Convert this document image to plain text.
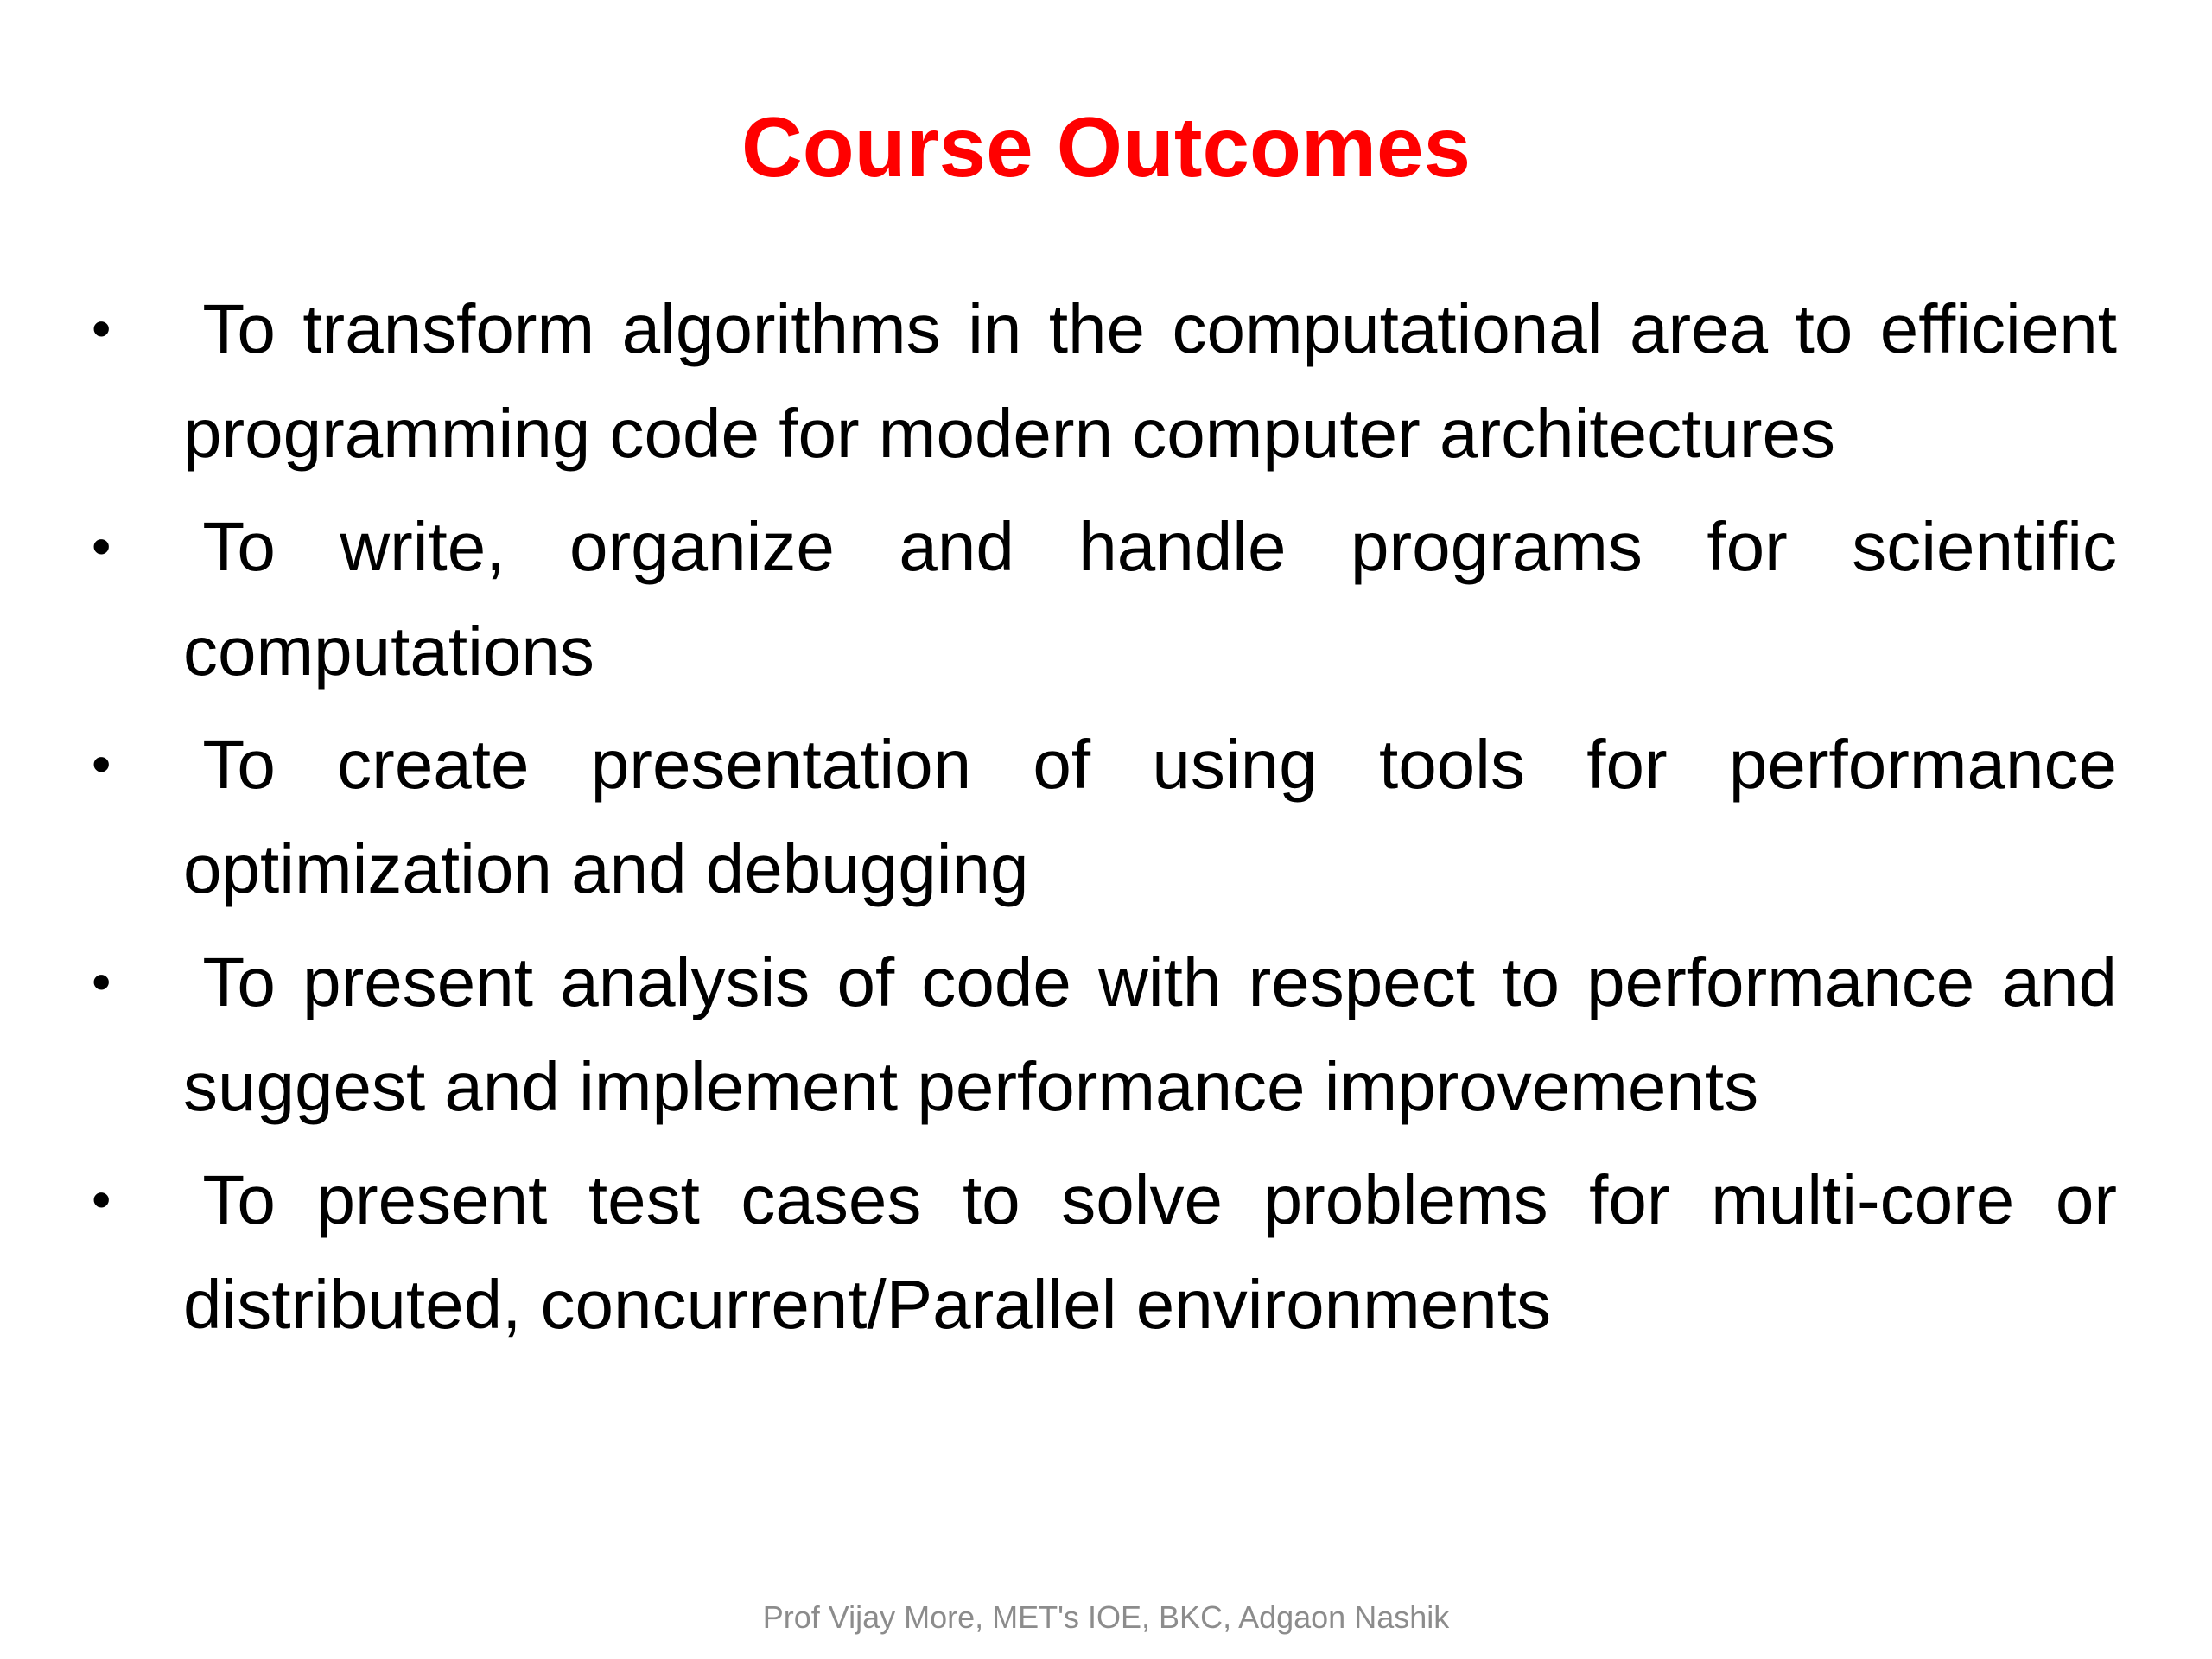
Course Outcomes
• To transform algorithms in the computational area to efficient programming code for modern computer architectures
• To write, organize and handle programs for scientific computations
• To create presentation of using tools for performance optimization and debugging
• To present analysis of code with respect to performance and suggest and implement performance improvements
• To present test cases to solve problems for multi-core or distributed, concurrent/Parallel environments
Prof Vijay More, MET's IOE, BKC, Adgaon Nashik
